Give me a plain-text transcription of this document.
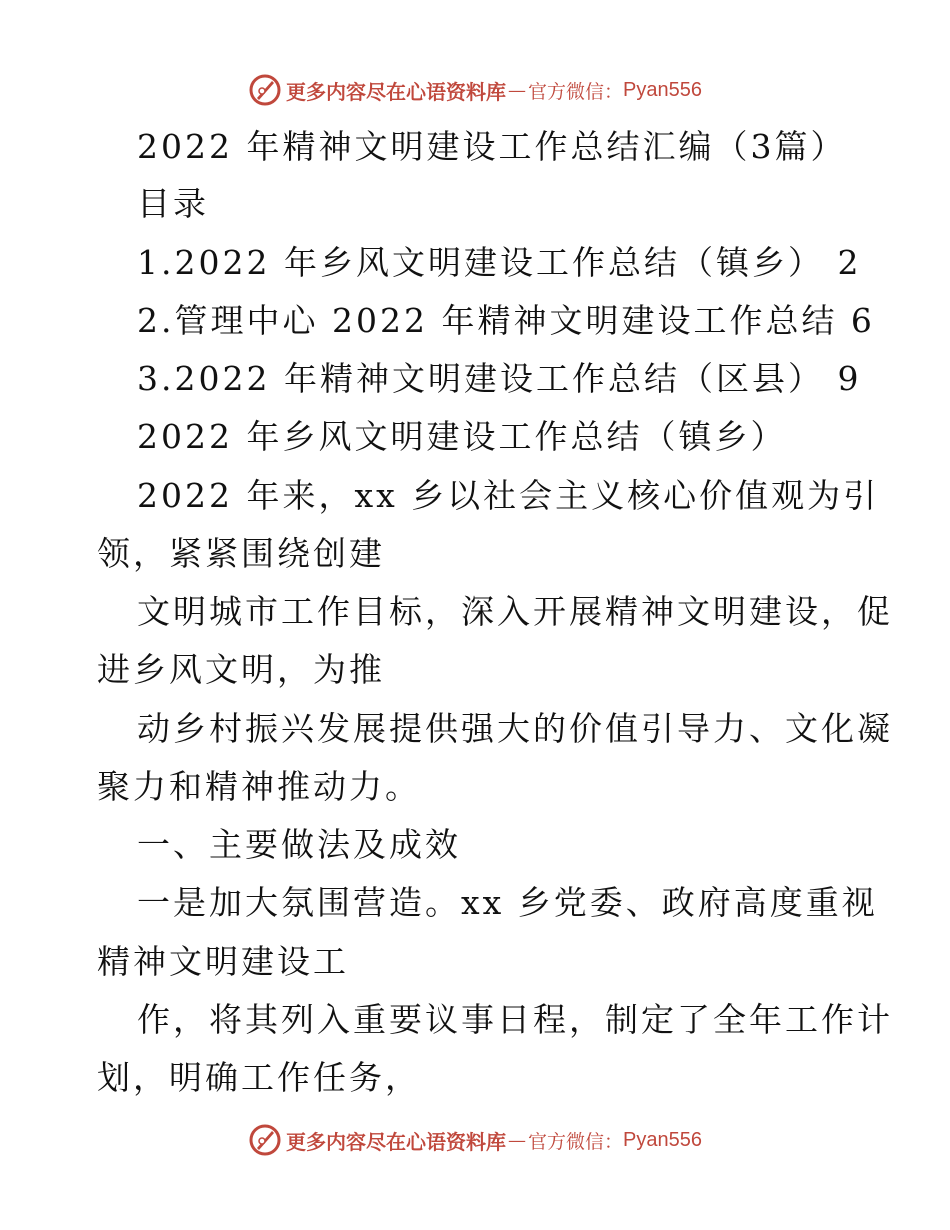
更多内容尽在心语资料库 — 官方微信： Pyan556
2022 年精神文明建设工作总结汇编（3篇）
目录
1.2022 年乡风文明建设工作总结（镇乡） 2
2.管理中心 2022 年精神文明建设工作总结 6
3.2022 年精神文明建设工作总结（区县） 9
2022 年乡风文明建设工作总结（镇乡）
2022 年来，xx 乡以社会主义核心价值观为引
领，紧紧围绕创建
文明城市工作目标，深入开展精神文明建设，促
进乡风文明，为推
动乡村振兴发展提供强大的价值引导力、文化凝
聚力和精神推动力。
一、主要做法及成效
一是加大氛围营造。xx 乡党委、政府高度重视
精神文明建设工
作，将其列入重要议事日程，制定了全年工作计
划，明确工作任务，
更多内容尽在心语资料库 — 官方微信： Pyan556
